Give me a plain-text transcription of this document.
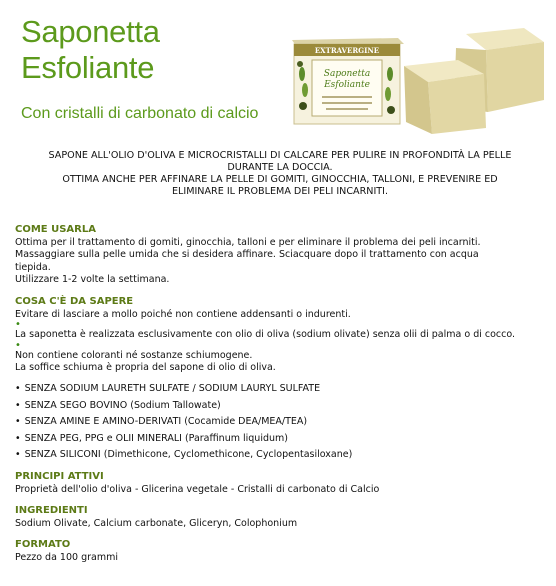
Saponetta
Esfoliante
Con cristalli di carbonato di calcio
EXTRAVERGINE
Saponetta
Esfoliante
SAPONE ALL'OLIO D'OLIVA E MICROCRISTALLI DI CALCARE PER PULIRE IN PROFONDITÀ LA PELLE
DURANTE LA DOCCIA.
OTTIMA ANCHE PER AFFINARE LA PELLE DI GOMITI, GINOCCHIA, TALLONI, E PREVENIRE ED
ELIMINARE IL PROBLEMA DEI PELI INCARNITI.
COME USARLA

Ottima per il trattamento di gomiti, ginocchia, talloni e per eliminare il problema dei peli incarniti.

Massaggiare sulla pelle umida che si desidera affinare. Sciacquare dopo il trattamento con acqua

tiepida.

Utilizzare 1-2 volte la settimana.

COSA C'È DA SAPERE

Evitare di lasciare a mollo poiché non contiene addensanti o indurenti.

•

La saponetta è realizzata esclusivamente con olio di oliva (sodium olivate) senza olii di palma o di cocco.

•

Non contiene coloranti né sostanze schiumogene.

La soffice schiuma è propria del sapone di olio di oliva.

• SENZA SODIUM LAURETH SULFATE / SODIUM LAURYL SULFATE
• SENZA SEGO BOVINO (Sodium Tallowate)
• SENZA AMINE E AMINO-DERIVATI (Cocamide DEA/MEA/TEA)
• SENZA PEG, PPG e OLII MINERALI (Paraffinum liquidum)
• SENZA SILICONI (Dimethicone, Cyclomethicone, Cyclopentasiloxane)
PRINCIPI ATTIVI

Proprietà dell'olio d'oliva - Glicerina vegetale - Cristalli di carbonato di Calcio

INGREDIENTI

Sodium Olivate, Calcium carbonate, Gliceryn, Colophonium

FORMATO

Pezzo da 100 grammi
